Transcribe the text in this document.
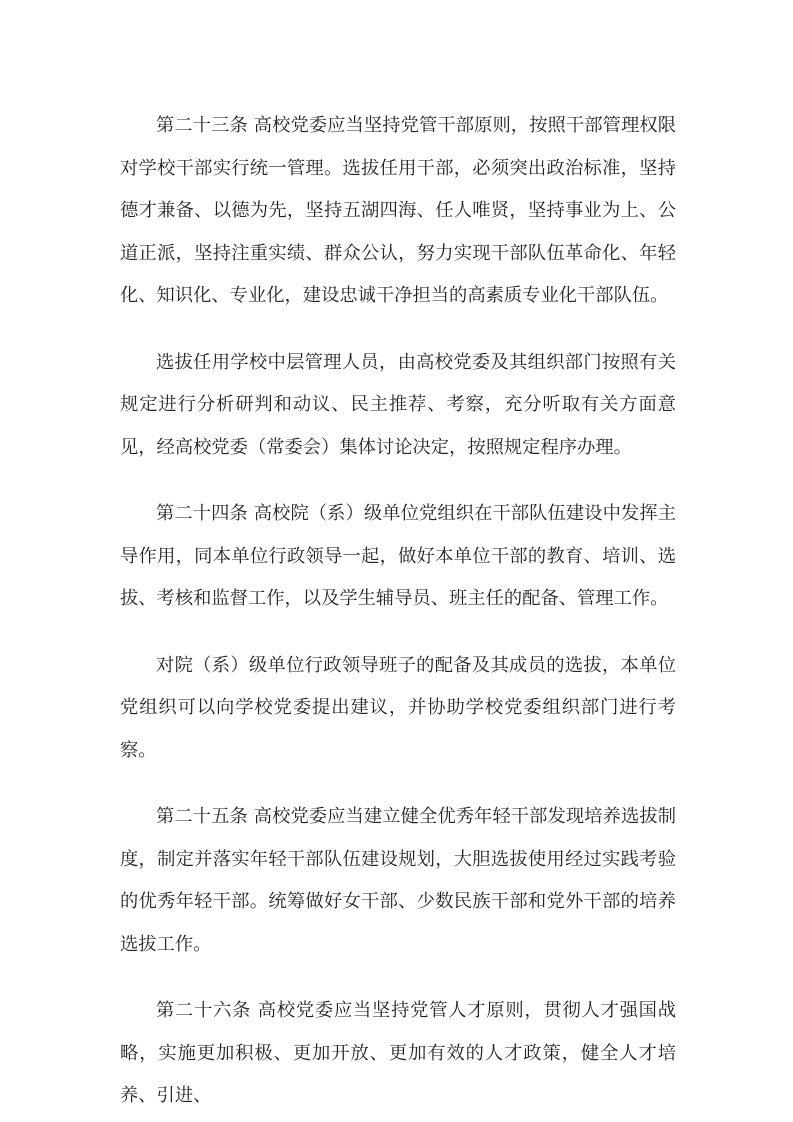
第二十三条 高校党委应当坚持党管干部原则，按照干部管理权限对学校干部实行统一管理。选拔任用干部，必须突出政治标准，坚持德才兼备、以德为先，坚持五湖四海、任人唯贤，坚持事业为上、公道正派，坚持注重实绩、群众公认，努力实现干部队伍革命化、年轻化、知识化、专业化，建设忠诚干净担当的高素质专业化干部队伍。

选拔任用学校中层管理人员，由高校党委及其组织部门按照有关规定进行分析研判和动议、民主推荐、考察，充分听取有关方面意见，经高校党委（常委会）集体讨论决定，按照规定程序办理。

第二十四条 高校院（系）级单位党组织在干部队伍建设中发挥主导作用，同本单位行政领导一起，做好本单位干部的教育、培训、选拔、考核和监督工作，以及学生辅导员、班主任的配备、管理工作。

对院（系）级单位行政领导班子的配备及其成员的选拔，本单位党组织可以向学校党委提出建议，并协助学校党委组织部门进行考察。

第二十五条 高校党委应当建立健全优秀年轻干部发现培养选拔制度，制定并落实年轻干部队伍建设规划，大胆选拔使用经过实践考验的优秀年轻干部。统筹做好女干部、少数民族干部和党外干部的培养选拔工作。

第二十六条 高校党委应当坚持党管人才原则，贯彻人才强国战略，实施更加积极、更加开放、更加有效的人才政策，健全人才培养、引进、
